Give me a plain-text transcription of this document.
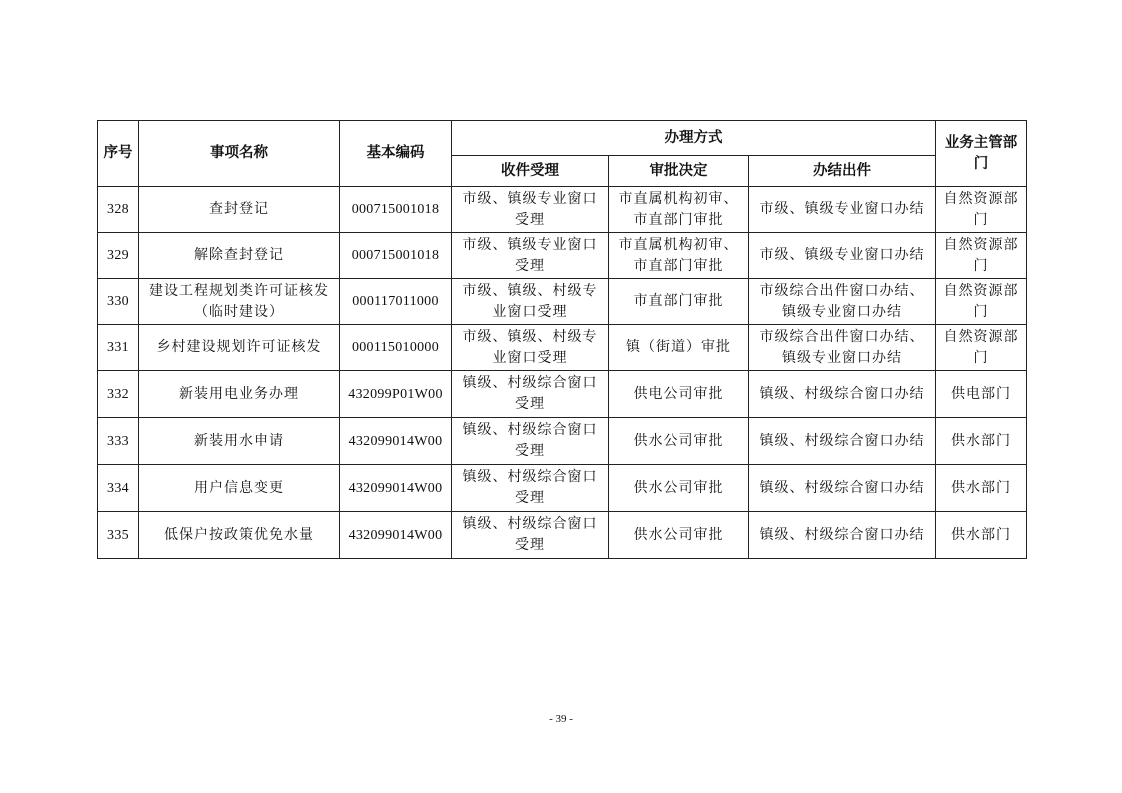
序号	事项名称	基本编码	办理方式			业务主管部门
			收件受理	审批决定	办结出件	
328	查封登记	000715001018	市级、镇级专业窗口受理	市直属机构初审、市直部门审批	市级、镇级专业窗口办结	自然资源部门
329	解除查封登记	000715001018	市级、镇级专业窗口受理	市直属机构初审、市直部门审批	市级、镇级专业窗口办结	自然资源部门
330	建设工程规划类许可证核发（临时建设）	000117011000	市级、镇级、村级专业窗口受理	市直部门审批	市级综合出件窗口办结、镇级专业窗口办结	自然资源部门
331	乡村建设规划许可证核发	000115010000	市级、镇级、村级专业窗口受理	镇（街道）审批	市级综合出件窗口办结、镇级专业窗口办结	自然资源部门
332	新装用电业务办理	432099P01W00	镇级、村级综合窗口受理	供电公司审批	镇级、村级综合窗口办结	供电部门
333	新装用水申请	432099014W00	镇级、村级综合窗口受理	供水公司审批	镇级、村级综合窗口办结	供水部门
334	用户信息变更	432099014W00	镇级、村级综合窗口受理	供水公司审批	镇级、村级综合窗口办结	供水部门
335	低保户按政策优免水量	432099014W00	镇级、村级综合窗口受理	供水公司审批	镇级、村级综合窗口办结	供水部门
- 39 -
